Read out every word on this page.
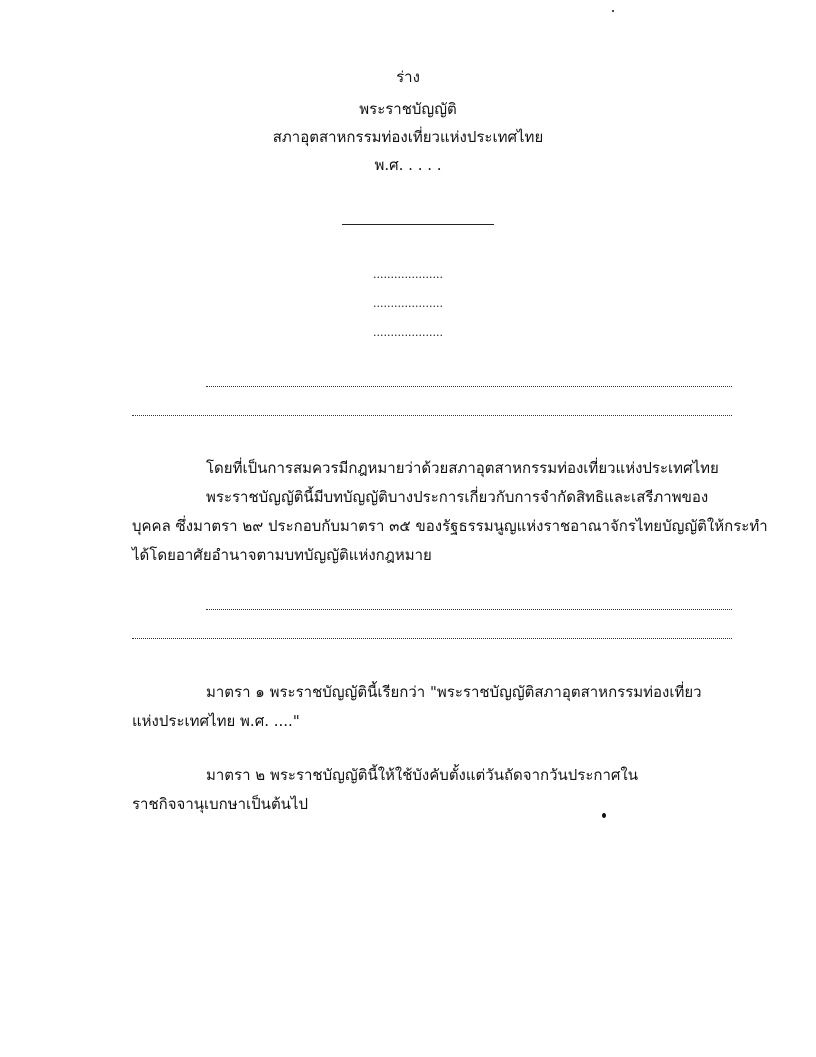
ร่าง
พระราชบัญญัติ
สภาอุตสาหกรรมท่องเที่ยวแห่งประเทศไทย
พ.ศ. . . . .
....................
....................
....................
โดยที่เป็นการสมควรมีกฎหมายว่าด้วยสภาอุตสาหกรรมท่องเที่ยวแห่งประเทศไทย
พระราชบัญญัตินี้มีบทบัญญัติบางประการเกี่ยวกับการจำกัดสิทธิและเสรีภาพของ
บุคคล ซึ่งมาตรา ๒๙ ประกอบกับมาตรา ๓๕ ของรัฐธรรมนูญแห่งราชอาณาจักรไทยบัญญัติให้กระทำ
ได้โดยอาศัยอำนาจตามบทบัญญัติแห่งกฎหมาย
มาตรา ๑ พระราชบัญญัตินี้เรียกว่า "พระราชบัญญัติสภาอุตสาหกรรมท่องเที่ยว
แห่งประเทศไทย พ.ศ. ...."
มาตรา ๒ พระราชบัญญัตินี้ให้ใช้บังคับตั้งแต่วันถัดจากวันประกาศใน
ราชกิจจานุเบกษาเป็นต้นไป
